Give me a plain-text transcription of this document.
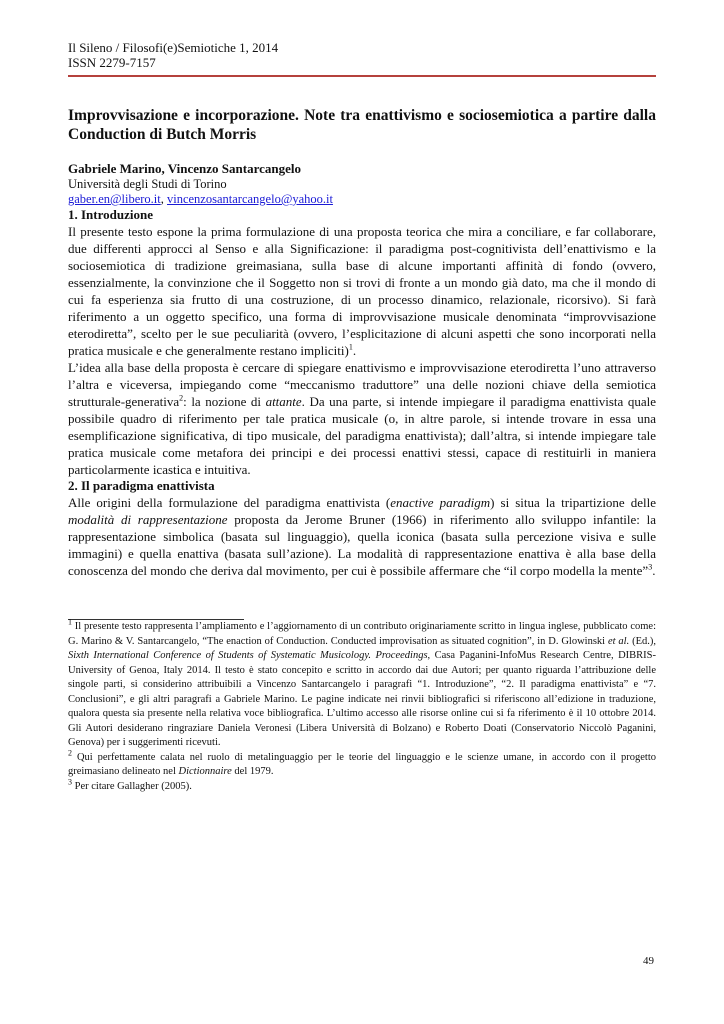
Il Sileno / Filosofi(e)Semiotiche 1, 2014
ISSN 2279-7157
Improvvisazione e incorporazione. Note tra enattivismo e sociosemiotica a partire dalla Conduction di Butch Morris
Gabriele Marino, Vincenzo Santarcangelo
Università degli Studi di Torino
gaber.en@libero.it, vincenzosantarcangelo@yahoo.it
1. Introduzione

Il presente testo espone la prima formulazione di una proposta teorica che mira a conciliare, e far collaborare, due differenti approcci al Senso e alla Significazione: il paradigma post-cognitivista dell’enattivismo e la sociosemiotica di tradizione greimasiana, sulla base di alcune importanti affinità di fondo (ovvero, essenzialmente, la convinzione che il Soggetto non si trovi di fronte a un mondo già dato, ma che il mondo di cui fa esperienza sia frutto di una costruzione, di un processo dinamico, relazionale, ricorsivo). Si farà riferimento a un oggetto specifico, una forma di improvvisazione musicale denominata “improvvisazione eterodiretta”, scelto per le sue peculiarità (ovvero, l’esplicitazione di alcuni aspetti che sono incorporati nella pratica musicale e che generalmente restano impliciti)$^1$.

L’idea alla base della proposta è cercare di spiegare enattivismo e improvvisazione eterodiretta l’uno attraverso l’altra e viceversa, impiegando come “meccanismo traduttore” una delle nozioni chiave della semiotica strutturale-generativa$^2$: la nozione di attante. Da una parte, si intende impiegare il paradigma enattivista quale possibile quadro di riferimento per tale pratica musicale (o, in altre parole, si intende trovare in essa una esemplificazione significativa, di tipo musicale, del paradigma enattivista); dall’altra, si intende impiegare tale pratica musicale come metafora dei principi e dei processi enattivi stessi, capace di restituirli in maniera particolarmente icastica e intuitiva.

2. Il paradigma enattivista

Alle origini della formulazione del paradigma enattivista (enactive paradigm) si situa la tripartizione delle modalità di rappresentazione proposta da Jerome Bruner (1966) in riferimento allo sviluppo infantile: la rappresentazione simbolica (basata sul linguaggio), quella iconica (basata sulla percezione visiva e sulle immagini) e quella enattiva (basata sull’azione). La modalità di rappresentazione enattiva è alla base della conoscenza del mondo che deriva dal movimento, per cui è possibile affermare che “il corpo modella la mente”$^3$.

$^1$ Il presente testo rappresenta l’ampliamento e l’aggiornamento di un contributo originariamente scritto in lingua inglese, pubblicato come: G. Marino & V. Santarcangelo, “The enaction of Conduction. Conducted improvisation as situated cognition”, in D. Glowinski et al. (Ed.), Sixth International Conference of Students of Systematic Musicology. Proceedings, Casa Paganini-InfoMus Research Centre, DIBRIS-University of Genoa, Italy 2014. Il testo è stato concepito e scritto in accordo dai due Autori; per quanto riguarda l’attribuzione delle singole parti, si considerino attribuibili a Vincenzo Santarcangelo i paragrafi “1. Introduzione”, “2. Il paradigma enattivista” e “7. Conclusioni”, e gli altri paragrafi a Gabriele Marino. Le pagine indicate nei rinvii bibliografici si riferiscono all’edizione in traduzione, qualora questa sia presente nella relativa voce bibliografica. L’ultimo accesso alle risorse online cui si fa riferimento è il 10 ottobre 2014. Gli Autori desiderano ringraziare Daniela Veronesi (Libera Università di Bolzano) e Roberto Doati (Conservatorio Niccolò Paganini, Genova) per i suggerimenti ricevuti.

$^2$ Qui perfettamente calata nel ruolo di metalinguaggio per le teorie del linguaggio e le scienze umane, in accordo con il progetto greimasiano delineato nel Dictionnaire del 1979.

$^3$ Per citare Gallagher (2005).

49
